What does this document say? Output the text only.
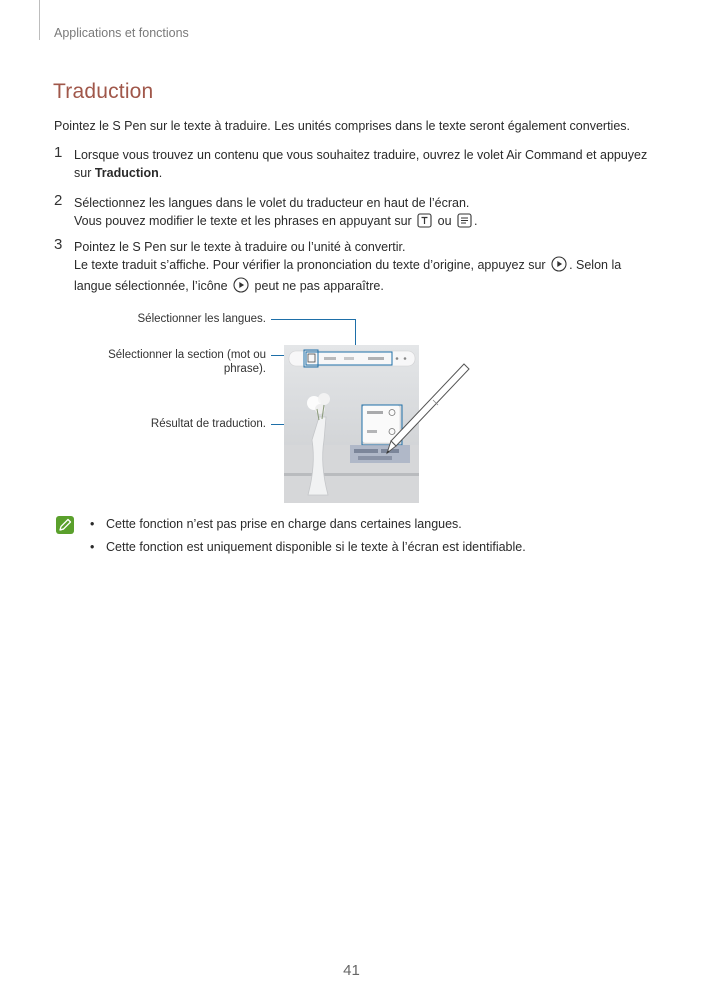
Applications et fonctions
Traduction
Pointez le S Pen sur le texte à traduire. Les unités comprises dans le texte seront également converties.
1 Lorsque vous trouvez un contenu que vous souhaitez traduire, ouvrez le volet Air Command et appuyez
sur Traduction.
2 Sélectionnez les langues dans le volet du traducteur en haut de l’écran.
Vous pouvez modifier le texte et les phrases en appuyant sur  ou .
3 Pointez le S Pen sur le texte à traduire ou l’unité à convertir.
Le texte traduit s’affiche. Pour vérifier la prononciation du texte d’origine, appuyez sur . Selon la
langue sélectionnée, l’icône  peut ne pas apparaître.
Sélectionner les langues.
Sélectionner la section (mot ou
phrase).
Résultat de traduction.
• Cette fonction n’est pas prise en charge dans certaines langues.
• Cette fonction est uniquement disponible si le texte à l’écran est identifiable.
41
